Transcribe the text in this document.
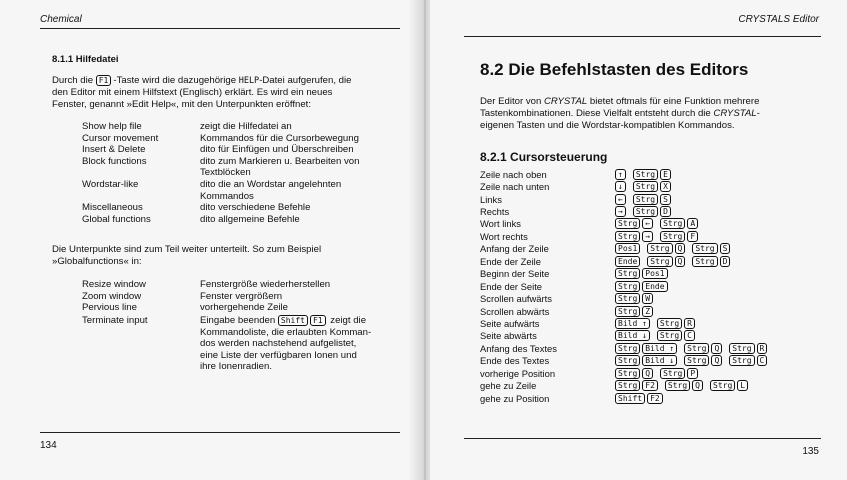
Chemical
8.1.1 Hilfedatei
Durch die F1 -Taste wird die dazugehörige HELP-Datei aufgerufen, die
den Editor mit einem Hilfstext (Englisch) erklärt. Es wird ein neues
Fenster, genannt »Edit Help«, mit den Unterpunkten eröffnet:
Show help file	zeigt die Hilfedatei an
Cursor movement	Kommandos für die Cursorbewegung
Insert & Delete	dito für Einfügen und Überschreiben
Block functions	dito zum Markieren u. Bearbeiten von
	Textblöcken
Wordstar-like	dito die an Wordstar angelehnten
	Kommandos
Miscellaneous	dito verschiedene Befehle
Global functions	dito allgemeine Befehle
Die Unterpunkte sind zum Teil weiter unterteilt. So zum Beispiel
»Globalfunctions« in:
Resize window	Fenstergröße wiederherstellen
Zoom window	Fenster vergrößern
Pervious line	vorhergehende Zeile
Terminate input	Eingabe beenden Shift F1 zeigt die
Kommandoliste, die erlaubten Komman-
dos werden nachstehend aufgelistet,
eine Liste der verfügbaren Ionen und
ihre Ionenradien.
134
CRYSTALS Editor
8.2 Die Befehlstasten des Editors
Der Editor von CRYSTAL bietet oftmals für eine Funktion mehrere
Tastenkombinationen. Diese Vielfalt entsteht durch die CRYSTAL-
eigenen Tasten und die Wordstar-kompatiblen Kommandos.
8.2.1 Cursorsteuerung
Zeile nach oben	↑	Strg	E
Zeile nach unten	↓	Strg	X
Links	←	Strg	S
Rechts	→	Strg	D
Wort links	Strg	←	Strg	A
Wort rechts	Strg	→	Strg	F
Anfang der Zeile	Pos1	Strg	Q	Strg	S
Ende der Zeile	Ende	Strg	Q	Strg	D
Beginn der Seite	Strg	Pos1
Ende der Seite	Strg	Ende
Scrollen aufwärts	Strg	W
Scrollen abwärts	Strg	Z
Seite aufwärts	Bild ↑	Strg	R
Seite abwärts	Bild ↓	Strg	C
Anfang des Textes	Strg	Bild ↑	Strg	Q	Strg	R
Ende des Textes	Strg	Bild ↓	Strg	Q	Strg	C
vorherige Position	Strg	Q	Strg	P
gehe zu Zeile	Strg	F2	Strg	Q	Strg	L
gehe zu Position	Shift	F2
135
